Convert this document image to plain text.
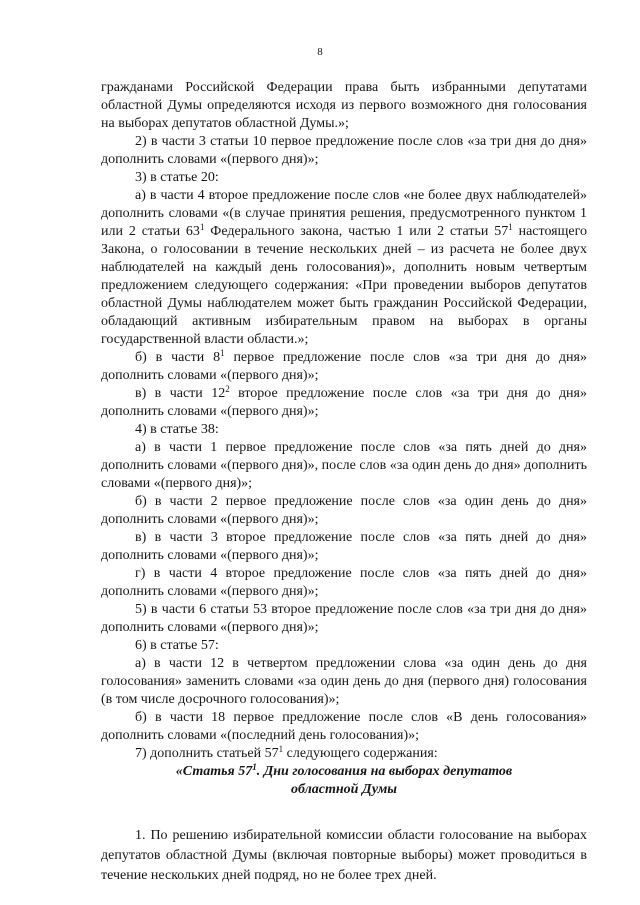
8

гражданами Российской Федерации права быть избранными депутатами областной Думы определяются исходя из первого возможного дня голосования на выборах депутатов областной Думы.»;

2) в части 3 статьи 10 первое предложение после слов «за три дня до дня» дополнить словами «(первого дня)»;

3) в статье 20:

а) в части 4 второе предложение после слов «не более двух наблюдателей» дополнить словами «(в случае принятия решения, предусмотренного пунктом 1 или 2 статьи $63^1$ Федерального закона, частью 1 или 2 статьи $57^1$ настоящего Закона, о голосовании в течение нескольких дней – из расчета не более двух наблюдателей на каждый день голосования)», дополнить новым четвертым предложением следующего содержания: «При проведении выборов депутатов областной Думы наблюдателем может быть гражданин Российской Федерации, обладающий активным избирательным правом на выборах в органы государственной власти области.»;

б) в части $8^1$ первое предложение после слов «за три дня до дня» дополнить словами «(первого дня)»;

в) в части $12^2$ второе предложение после слов «за три дня до дня» дополнить словами «(первого дня)»;

4) в статье 38:

а) в части 1 первое предложение после слов «за пять дней до дня» дополнить словами «(первого дня)», после слов «за один день до дня» дополнить словами «(первого дня)»;

б) в части 2 первое предложение после слов «за один день до дня» дополнить словами «(первого дня)»;

в) в части 3 второе предложение после слов «за пять дней до дня» дополнить словами «(первого дня)»;

г) в части 4 второе предложение после слов «за пять дней до дня» дополнить словами «(первого дня)»;

5) в части 6 статьи 53 второе предложение после слов «за три дня до дня» дополнить словами «(первого дня)»;

6) в статье 57:

а) в части 12 в четвертом предложении слова «за один день до дня голосования» заменить словами «за один день до дня (первого дня) голосования (в том числе досрочного голосования)»;

б) в части 18 первое предложение после слов «В день голосования» дополнить словами «(последний день голосования)»;

7) дополнить статьей $57^1$ следующего содержания:

«Статья $57^1$. Дни голосования на выборах депутатов
областной Думы

1. По решению избирательной комиссии области голосование на выборах депутатов областной Думы (включая повторные выборы) может проводиться в течение нескольких дней подряд, но не более трех дней.
